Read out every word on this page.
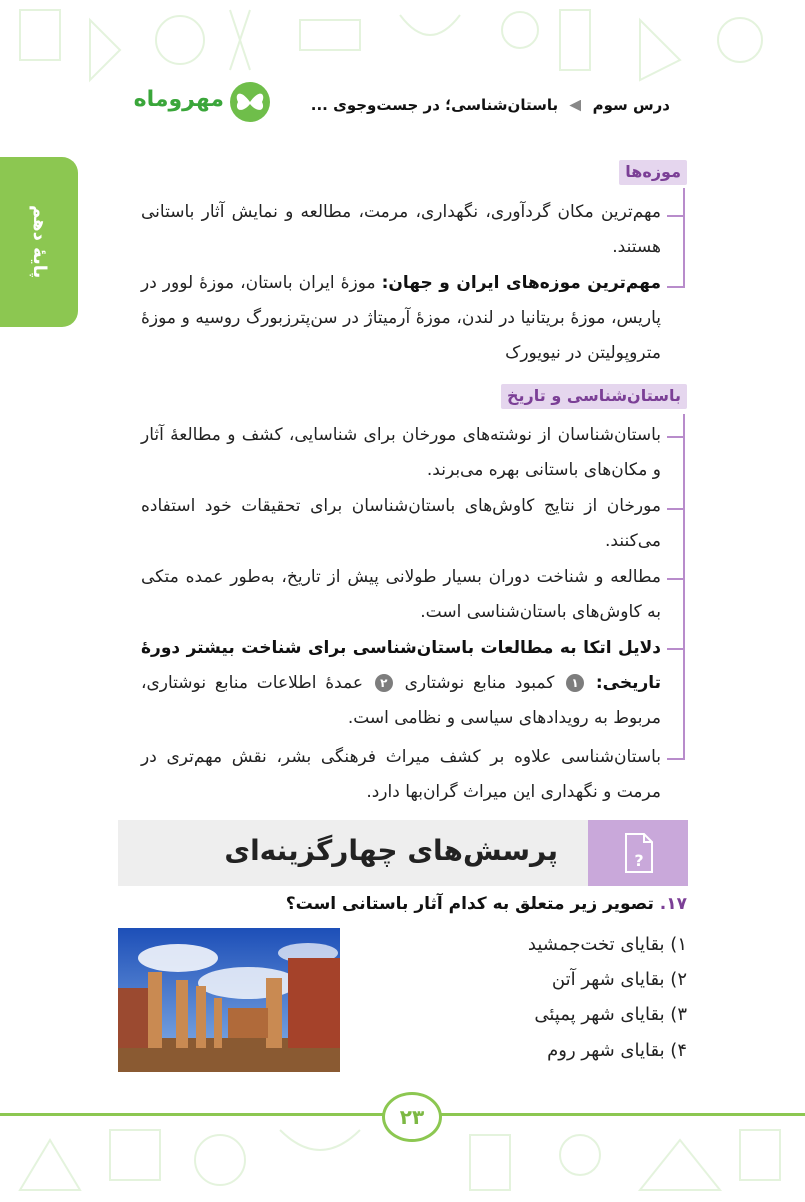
درس سوم  باستان‌شناسی؛ در جست‌وجوی ...
مهروماه
پایهٔ دهم
موزه‌ها
مهم‌ترین مکان گردآوری، نگهداری، مرمت، مطالعه و نمایش آثار باستانی هستند.
مهم‌ترین موزه‌های ایران و جهان: موزهٔ ایران باستان، موزهٔ لوور در پاریس، موزهٔ بریتانیا در لندن، موزهٔ آرمیتاژ در سن‌پترزبورگ روسیه و موزهٔ متروپولیتن در نیویورک
باستان‌شناسی و تاریخ
باستان‌شناسان از نوشته‌های مورخان برای شناسایی، کشف و مطالعهٔ آثار و مکان‌های باستانی بهره می‌برند.
مورخان از نتایج کاوش‌های باستان‌شناسان برای تحقیقات خود استفاده می‌کنند.
مطالعه و شناخت دوران بسیار طولانی پیش از تاریخ، به‌طور عمده متکی به کاوش‌های باستان‌شناسی است.
دلایل اتکا به مطالعات باستان‌شناسی برای شناخت بیشتر دورهٔ تاریخی: ۱ کمبود منابع نوشتاری ۲ عمدهٔ اطلاعات منابع نوشتاری، مربوط به رویدادهای سیاسی و نظامی است.
باستان‌شناسی علاوه بر کشف میراث فرهنگی بشر، نقش مهم‌تری در مرمت و نگهداری این میراث گران‌بها دارد.
?
پرسش‌های چهارگزینه‌ای
۱۷. تصویر زیر متعلق به کدام آثار باستانی است؟
۱) بقایای تخت‌جمشید
۲) بقایای شهر آتن
۳) بقایای شهر پمپئی
۴) بقایای شهر روم
۲۳
